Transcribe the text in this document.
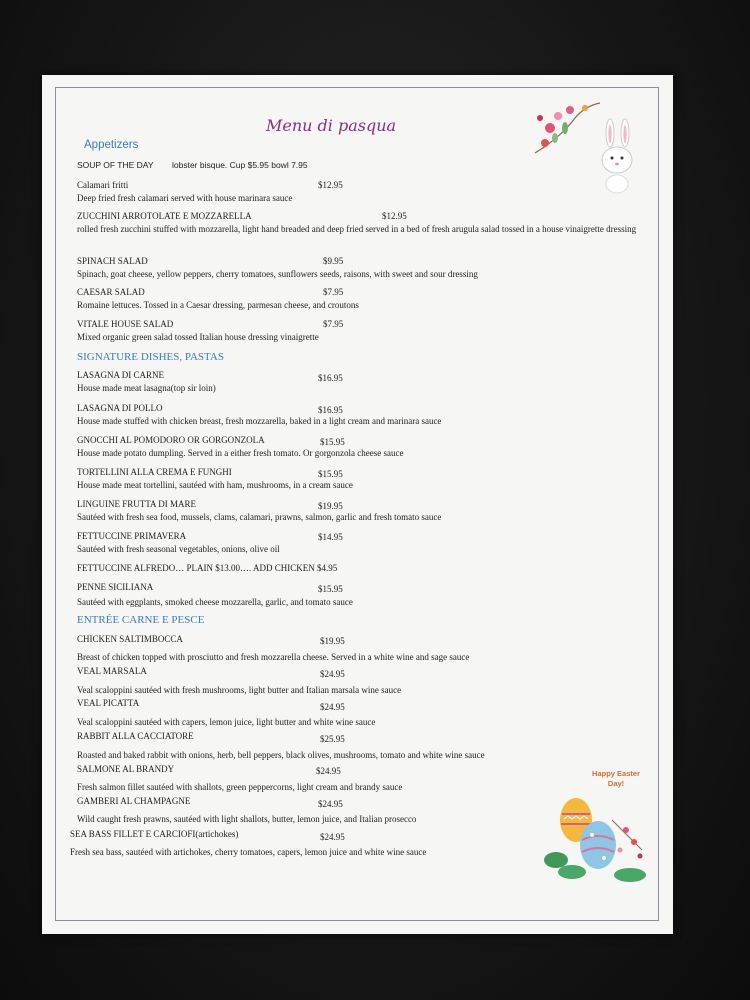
Menu di pasqua
Appetizers
SOUP OF THE DAY lobster bisque. Cup $5.95 bowl 7.95
Calamari fritti	$12.95
Deep fried fresh calamari served with house marinara sauce
ZUCCHINI ARROTOLATE E MOZZARELLA	$12.95
rolled fresh zucchini stuffed with mozzarella, light hand breaded and deep fried served in a bed of fresh arugula salad tossed in a house vinaigrette dressing
SPINACH SALAD	$9.95
Spinach, goat cheese, yellow peppers, cherry tomatoes, sunflowers seeds, raisons, with sweet and sour dressing
CAESAR SALAD	$7.95
Romaine lettuces. Tossed in a Caesar dressing, parmesan cheese, and croutons
VITALE HOUSE SALAD	$7.95
Mixed organic green salad tossed Italian house dressing vinaigrette
SIGNATURE DISHES, PASTAS
LASAGNA DI CARNE	$16.95
House made meat lasagna(top sir loin)
LASAGNA DI POLLO	$16.95
House made stuffed with chicken breast, fresh mozzarella, baked in a light cream and marinara sauce
GNOCCHI AL POMODORO OR GORGONZOLA	$15.95
House made potato dumpling. Served in a either fresh tomato. Or gorgonzola cheese sauce
TORTELLINI ALLA CREMA E FUNGHI	$15.95
House made meat tortellini, sautéed with ham, mushrooms, in a cream sauce
LINGUINE FRUTTA DI MARE	$19.95
Sautéed with fresh sea food, mussels, clams, calamari, prawns, salmon, garlic and fresh tomato sauce
FETTUCCINE PRIMAVERA	$14.95
Sautéed with fresh seasonal vegetables, onions, olive oil
FETTUCCINE ALFREDO… PLAIN $13.00…. ADD CHICKEN $4.95
PENNE SICILIANA	$15.95
Sautéed with eggplants, smoked cheese mozzarella, garlic, and tomato sauce
ENTRÉE CARNE E PESCE
CHICKEN SALTIMBOCCA	$19.95
Breast of chicken topped with prosciutto and fresh mozzarella cheese. Served in a white wine and sage sauce
VEAL MARSALA	$24.95
Veal scaloppini sautéed with fresh mushrooms, light butter and Italian marsala wine sauce
VEAL PICATTA	$24.95
Veal scaloppini sautéed with capers, lemon juice, light butter and white wine sauce
RABBIT ALLA CACCIATORE	$25.95
Roasted and baked rabbit with onions, herb, bell peppers, black olives, mushrooms, tomato and white wine sauce
SALMONE AL BRANDY	$24.95
Fresh salmon fillet sautéed with shallots, green peppercorns, light cream and brandy sauce
GAMBERI AL CHAMPAGNE	$24.95
Wild caught fresh prawns, sautéed with light shallots, butter, lemon juice, and Italian prosecco
SEA BASS FILLET E CARCIOFI(artichokes)	$24.95
Fresh sea bass, sautéed with artichokes, cherry tomatoes, capers, lemon juice and white wine sauce
Happy Easter
Day!
